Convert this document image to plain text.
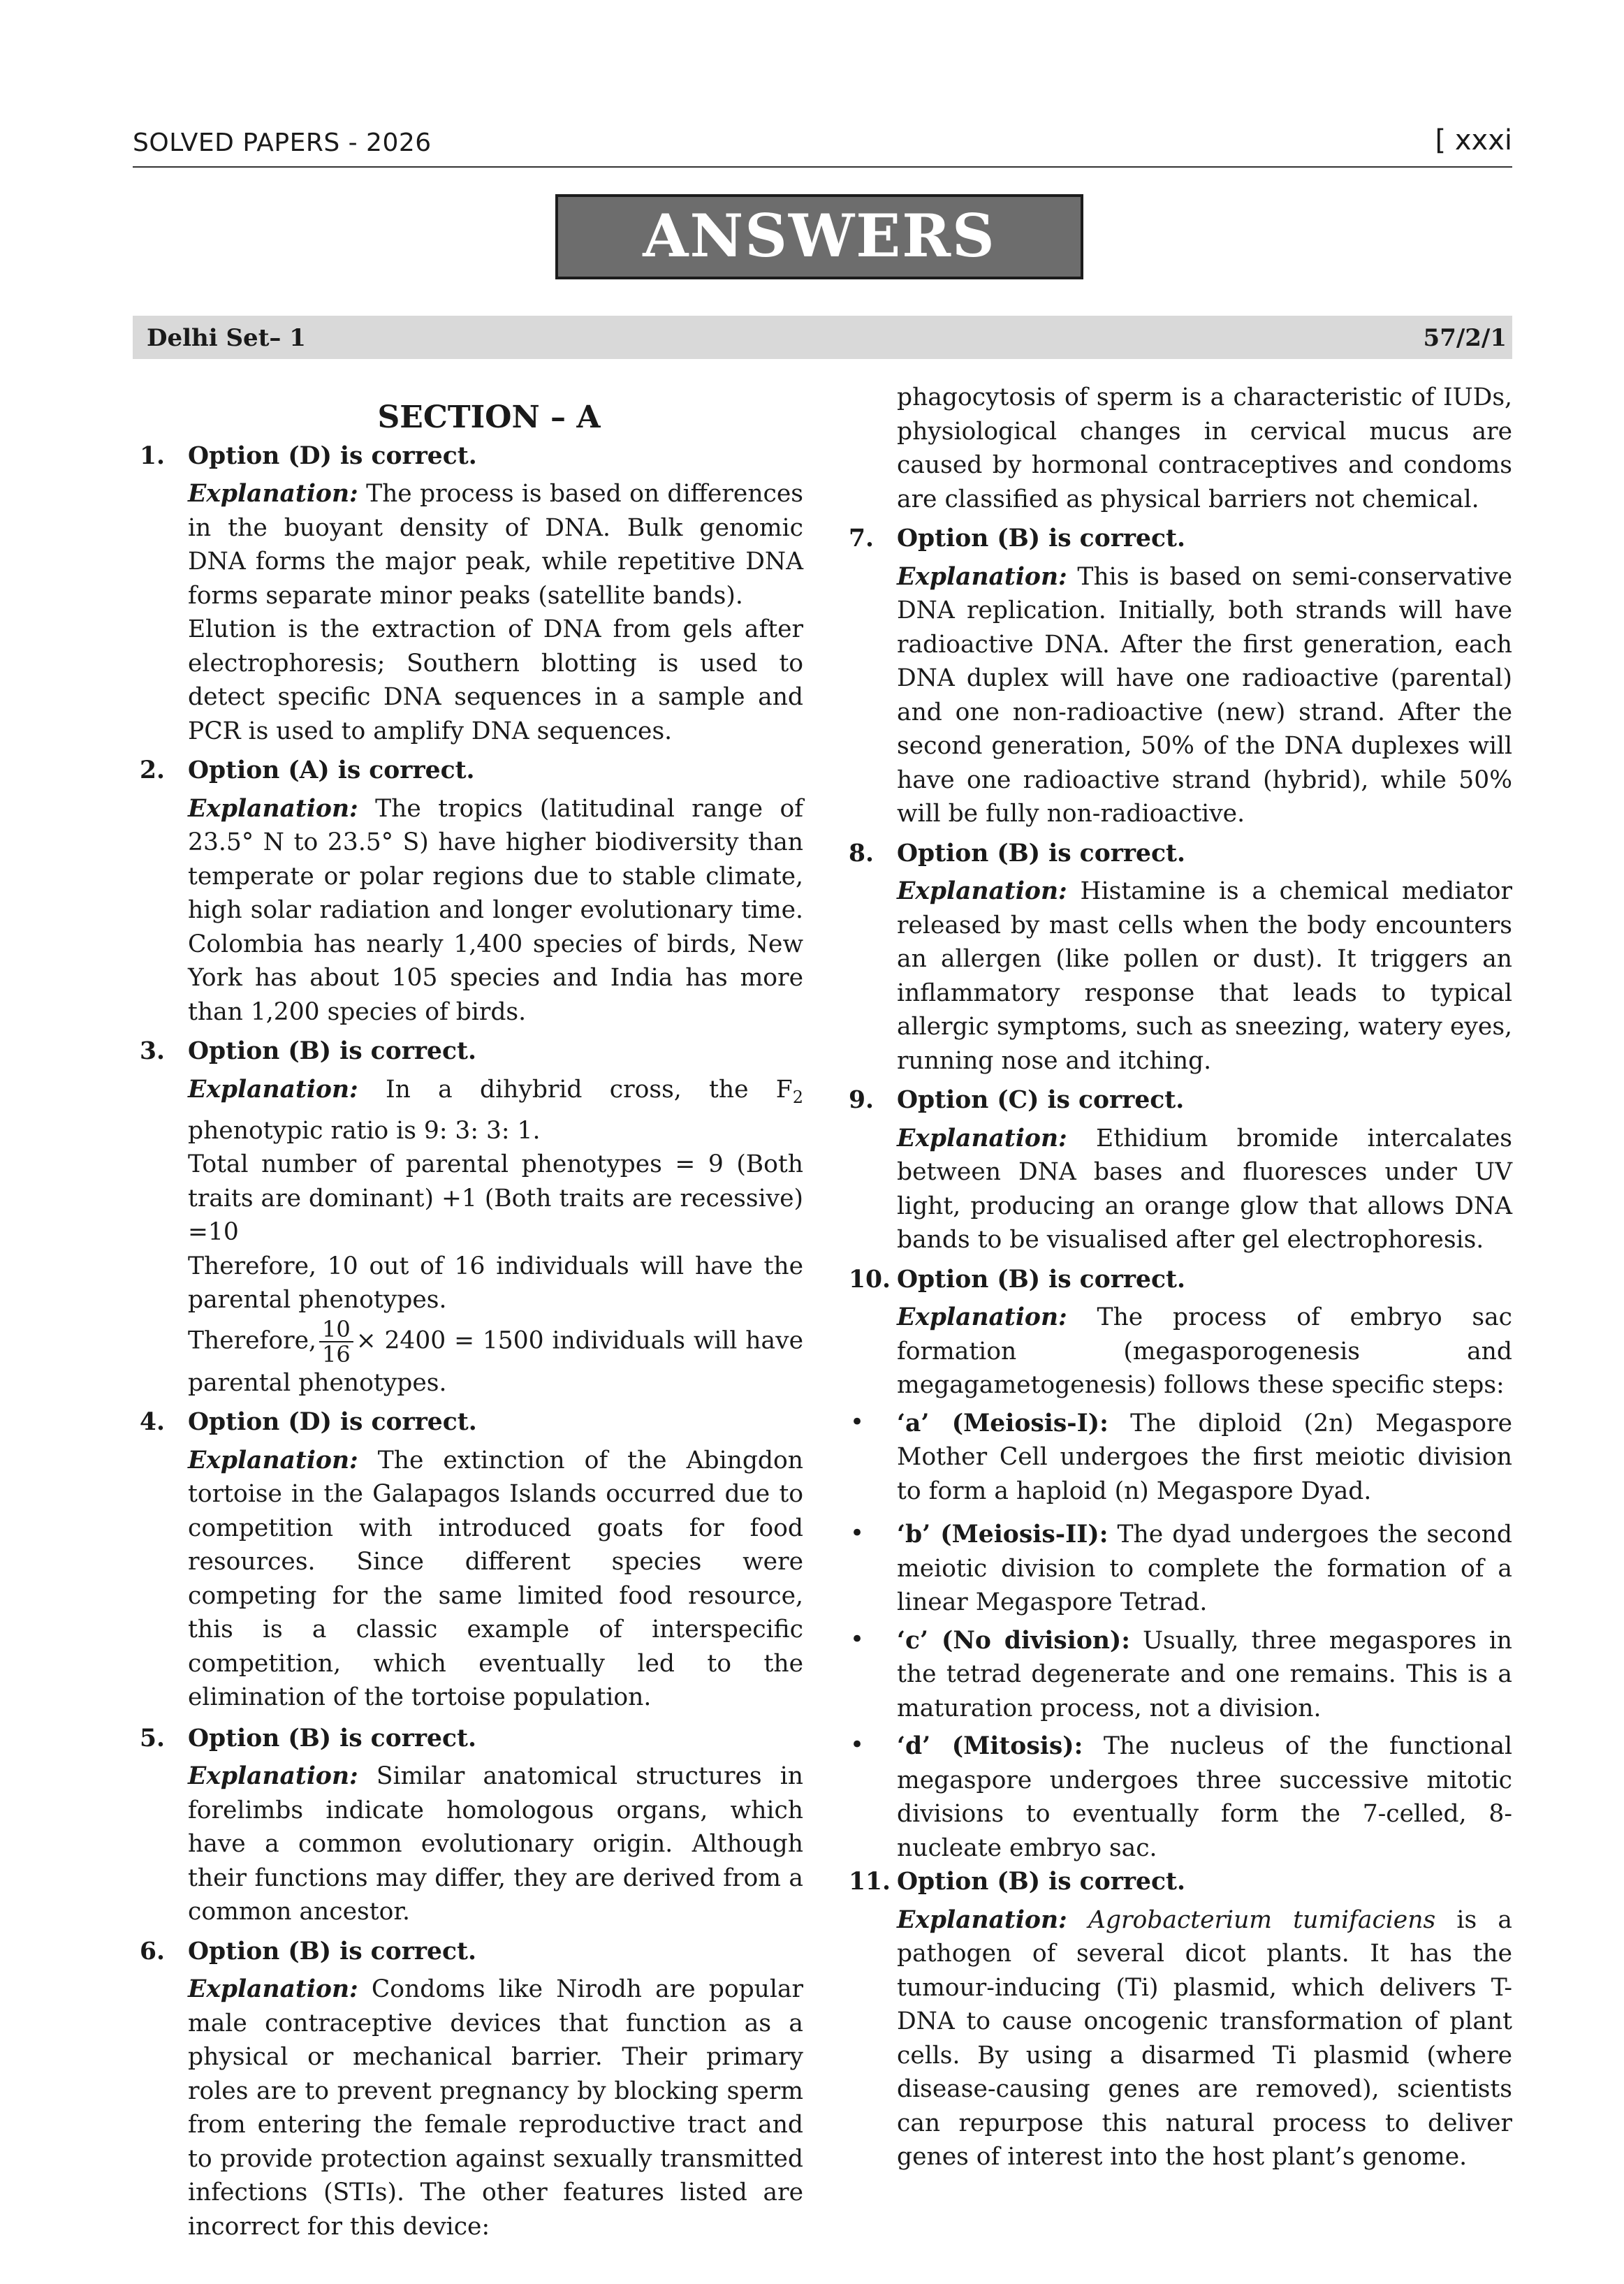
SOLVED PAPERS - 2026	[ xxxi
ANSWERS
Delhi Set– 1	57/2/1
SECTION – A
1. Option (D) is correct.

Explanation: The process is based on differences in the buoyant density of DNA. Bulk genomic DNA forms the major peak, while repetitive DNA forms separate minor peaks (satellite bands).

Elution is the extraction of DNA from gels after electrophoresis; Southern blotting is used to detect specific DNA sequences in a sample and PCR is used to amplify DNA sequences.

2. Option (A) is correct.

Explanation: The tropics (latitudinal range of 23.5° N to 23.5° S) have higher biodiversity than temperate or polar regions due to stable climate, high solar radiation and longer evolutionary time. Colombia has nearly 1,400 species of birds, New York has about 105 species and India has more than 1,200 species of birds.

3. Option (B) is correct.

Explanation: In a dihybrid cross, the $F_2$ phenotypic ratio is 9: 3: 3: 1.

Total number of parental phenotypes = 9 (Both traits are dominant) +1 (Both traits are recessive) =10

Therefore, 10 out of 16 individuals will have the parental phenotypes.

Therefore, $\frac{10}{16} \times 2400 = 1500$ individuals will have parental phenotypes.

4. Option (D) is correct.

Explanation: The extinction of the Abingdon tortoise in the Galapagos Islands occurred due to competition with introduced goats for food resources. Since different species were competing for the same limited food resource, this is a classic example of interspecific competition, which eventually led to the elimination of the tortoise population.

5. Option (B) is correct.

Explanation: Similar anatomical structures in forelimbs indicate homologous organs, which have a common evolutionary origin. Although their functions may differ, they are derived from a common ancestor.

6. Option (B) is correct.

Explanation: Condoms like Nirodh are popular male contraceptive devices that function as a physical or mechanical barrier. Their primary roles are to prevent pregnancy by blocking sperm from entering the female reproductive tract and to provide protection against sexually transmitted infections (STIs). The other features listed are incorrect for this device:

phagocytosis of sperm is a characteristic of IUDs, physiological changes in cervical mucus are caused by hormonal contraceptives and condoms are classified as physical barriers not chemical.

7. Option (B) is correct.

Explanation: This is based on semi-conservative DNA replication. Initially, both strands will have radioactive DNA. After the first generation, each DNA duplex will have one radioactive (parental) and one non-radioactive (new) strand. After the second generation, 50% of the DNA duplexes will have one radioactive strand (hybrid), while 50% will be fully non-radioactive.

8. Option (B) is correct.

Explanation: Histamine is a chemical mediator released by mast cells when the body encounters an allergen (like pollen or dust). It triggers an inflammatory response that leads to typical allergic symptoms, such as sneezing, watery eyes, running nose and itching.

9. Option (C) is correct.

Explanation: Ethidium bromide intercalates between DNA bases and fluoresces under UV light, producing an orange glow that allows DNA bands to be visualised after gel electrophoresis.

10. Option (B) is correct.

Explanation: The process of embryo sac formation (megasporogenesis and megagametogenesis) follows these specific steps:

• ‘a’ (Meiosis-I): The diploid (2n) Megaspore Mother Cell undergoes the first meiotic division to form a haploid (n) Megaspore Dyad.

• ‘b’ (Meiosis-II): The dyad undergoes the second meiotic division to complete the formation of a linear Megaspore Tetrad.

• ‘c’ (No division): Usually, three megaspores in the tetrad degenerate and one remains. This is a maturation process, not a division.

• ‘d’ (Mitosis): The nucleus of the functional megaspore undergoes three successive mitotic divisions to eventually form the 7-celled, 8-nucleate embryo sac.

11. Option (B) is correct.

Explanation: Agrobacterium tumifaciens is a pathogen of several dicot plants. It has the tumour-inducing (Ti) plasmid, which delivers T-DNA to cause oncogenic transformation of plant cells. By using a disarmed Ti plasmid (where disease-causing genes are removed), scientists can repurpose this natural process to deliver genes of interest into the host plant’s genome.
